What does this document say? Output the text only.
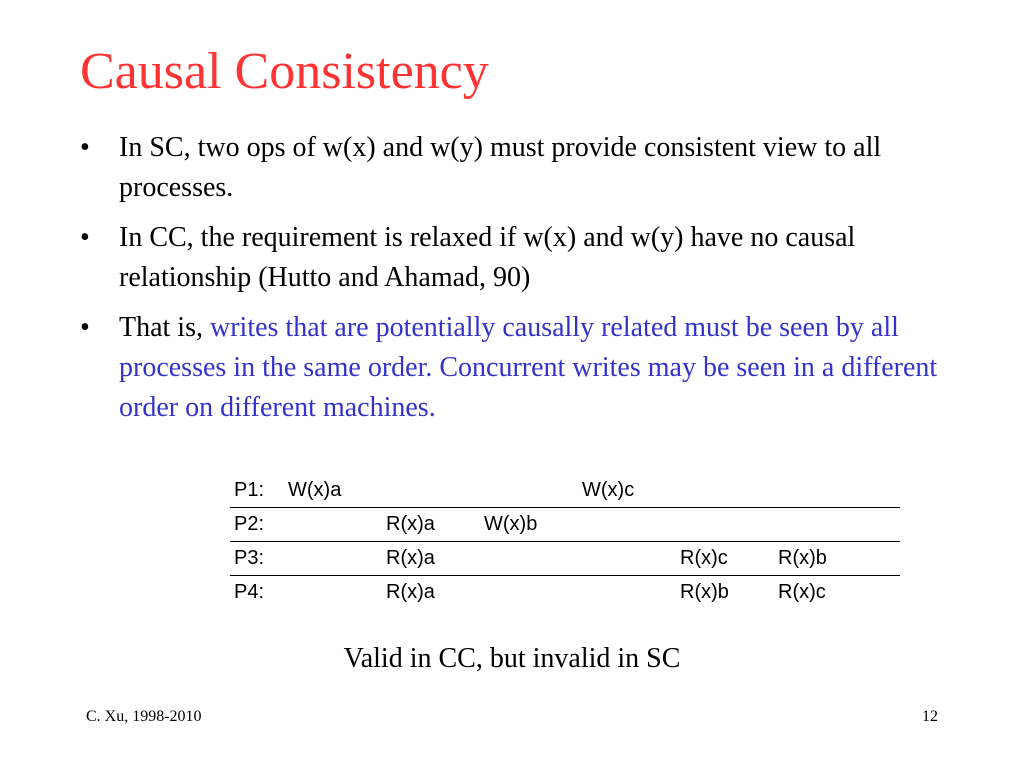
Causal Consistency
• In SC, two ops of w(x) and w(y) must provide consistent view to all processes.
• In CC, the requirement is relaxed if w(x) and w(y) have no causal relationship (Hutto and Ahamad, 90)
• That is, writes that are potentially causally related must be seen by all processes in the same order. Concurrent writes may be seen in a different order on different machines.
P1:	W(x)a			W(x)c		
P2:		R(x)a	W(x)b			
P3:		R(x)a			R(x)c	R(x)b
P4:		R(x)a			R(x)b	R(x)c
Valid in CC, but invalid in SC
C. Xu, 1998-2010	12
